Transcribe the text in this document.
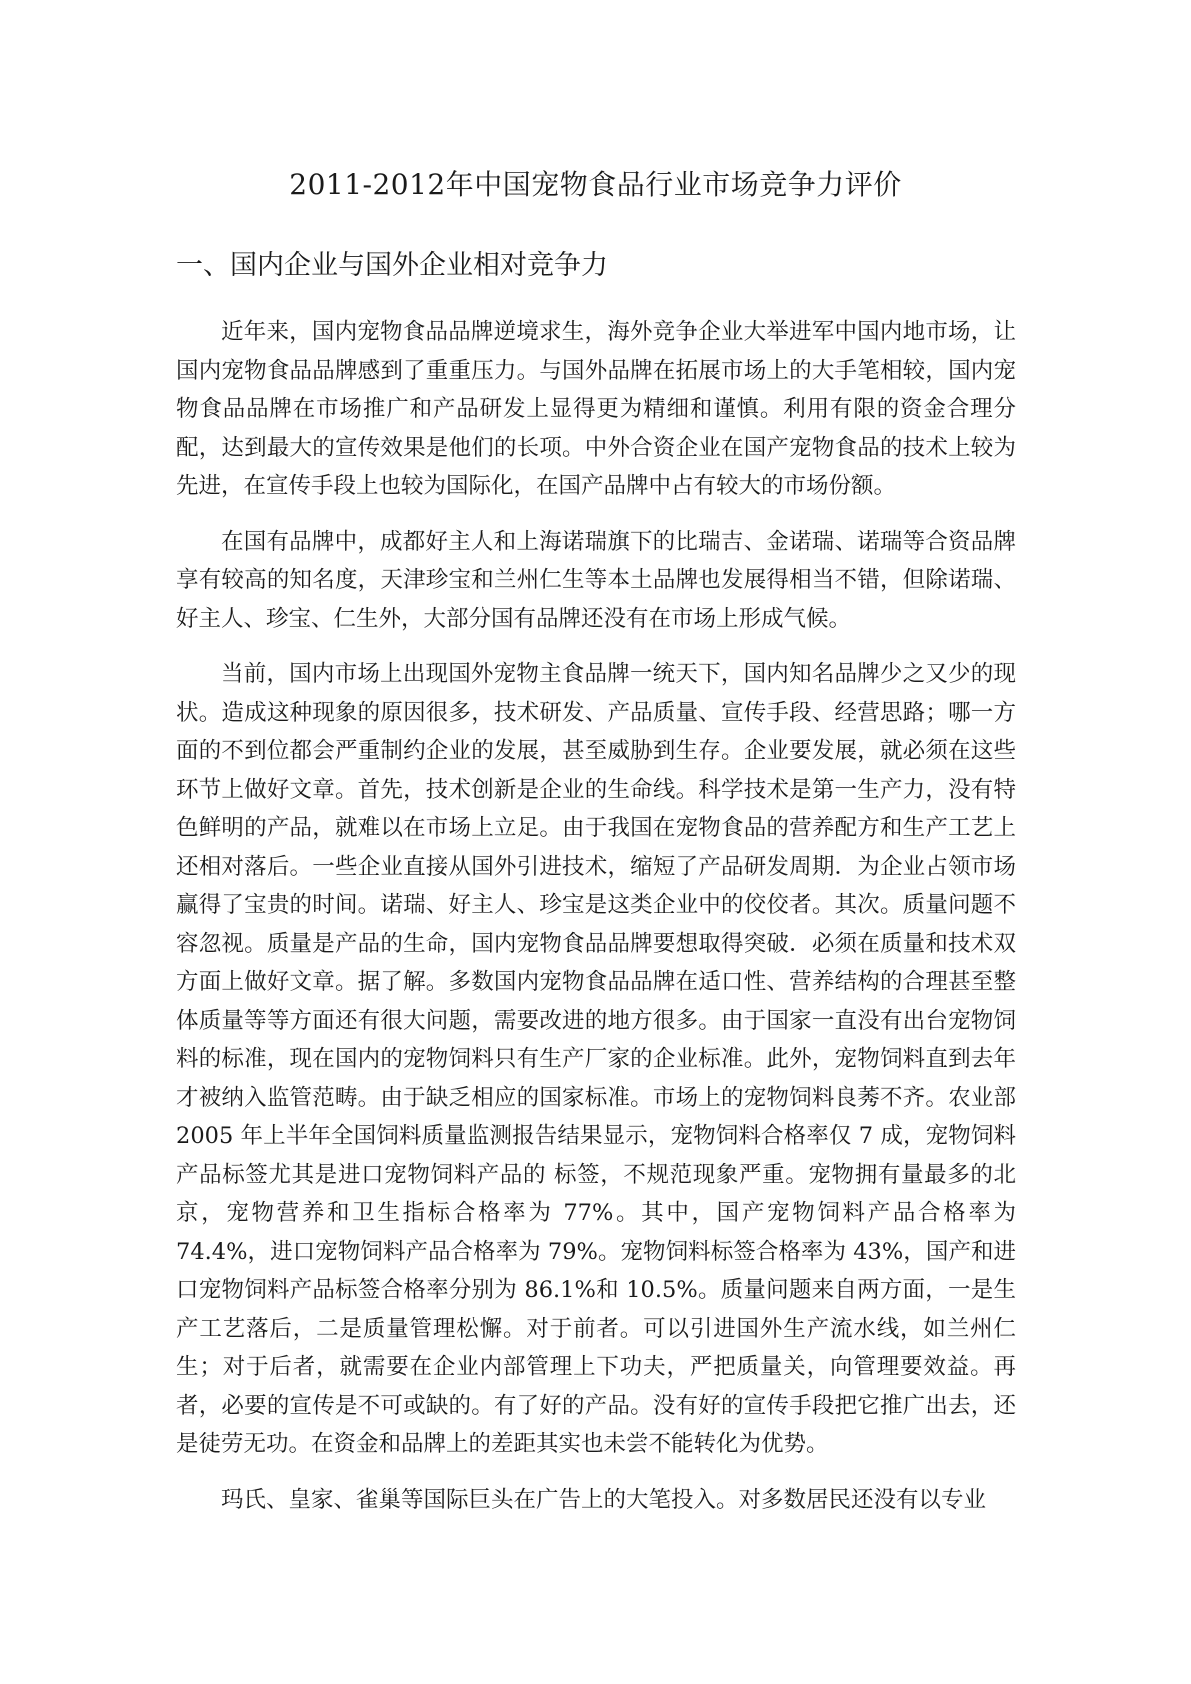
2011-2012年中国宠物食品行业市场竞争力评价
一、国内企业与国外企业相对竞争力

近年来，国内宠物食品品牌逆境求生，海外竞争企业大举进军中国内地市场，让国内宠物食品品牌感到了重重压力。与国外品牌在拓展市场上的大手笔相较，国内宠物食品品牌在市场推广和产品研发上显得更为精细和谨慎。利用有限的资金合理分配，达到最大的宣传效果是他们的长项。中外合资企业在国产宠物食品的技术上较为先进，在宣传手段上也较为国际化，在国产品牌中占有较大的市场份额。

在国有品牌中，成都好主人和上海诺瑞旗下的比瑞吉、金诺瑞、诺瑞等合资品牌享有较高的知名度，天津珍宝和兰州仁生等本土品牌也发展得相当不错，但除诺瑞、好主人、珍宝、仁生外，大部分国有品牌还没有在市场上形成气候。

当前，国内市场上出现国外宠物主食品牌一统天下，国内知名品牌少之又少的现状。造成这种现象的原因很多，技术研发、产品质量、宣传手段、经营思路；哪一方面的不到位都会严重制约企业的发展，甚至威胁到生存。企业要发展，就必须在这些环节上做好文章。首先，技术创新是企业的生命线。科学技术是第一生产力，没有特色鲜明的产品，就难以在市场上立足。由于我国在宠物食品的营养配方和生产工艺上还相对落后。一些企业直接从国外引进技术，缩短了产品研发周期．为企业占领市场赢得了宝贵的时间。诺瑞、好主人、珍宝是这类企业中的佼佼者。其次。质量问题不容忽视。质量是产品的生命，国内宠物食品品牌要想取得突破．必须在质量和技术双方面上做好文章。据了解。多数国内宠物食品品牌在适口性、营养结构的合理甚至整体质量等等方面还有很大问题，需要改进的地方很多。由于国家一直没有出台宠物饲料的标准，现在国内的宠物饲料只有生产厂家的企业标准。此外，宠物饲料直到去年才被纳入监管范畴。由于缺乏相应的国家标准。市场上的宠物饲料良莠不齐。农业部 2005 年上半年全国饲料质量监测报告结果显示，宠物饲料合格率仅 7 成，宠物饲料产品标签尤其是进口宠物饲料产品的 标签，不规范现象严重。宠物拥有量最多的北京，宠物营养和卫生指标合格率为 77%。其中，国产宠物饲料产品合格率为 74.4%，进口宠物饲料产品合格率为 79%。宠物饲料标签合格率为 43%，国产和进口宠物饲料产品标签合格率分别为 86.1%和 10.5%。质量问题来自两方面，一是生产工艺落后，二是质量管理松懈。对于前者。可以引进国外生产流水线，如兰州仁生；对于后者，就需要在企业内部管理上下功夫，严把质量关，向管理要效益。再者，必要的宣传是不可或缺的。有了好的产品。没有好的宣传手段把它推广出去，还是徒劳无功。在资金和品牌上的差距其实也未尝不能转化为优势。

玛氏、皇家、雀巢等国际巨头在广告上的大笔投入。对多数居民还没有以专业
